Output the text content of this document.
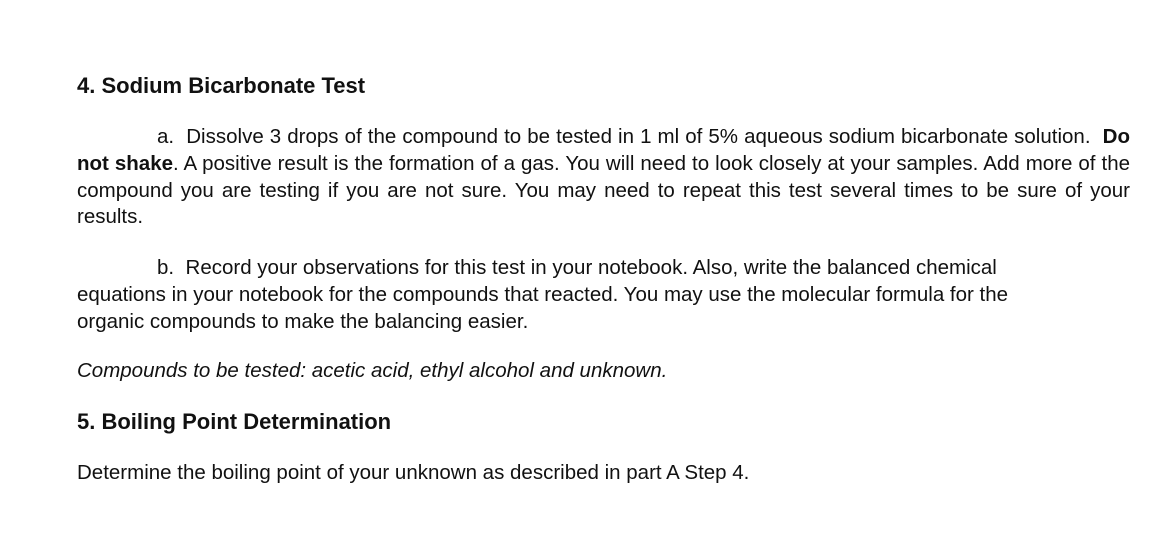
4. Sodium Bicarbonate Test

a. Dissolve 3 drops of the compound to be tested in 1 ml of 5% aqueous sodium bicarbonate solution. Do not shake. A positive result is the formation of a gas. You will need to look closely at your samples. Add more of the compound you are testing if you are not sure. You may need to repeat this test several times to be sure of your results.

b. Record your observations for this test in your notebook. Also, write the balanced chemical equations in your notebook for the compounds that reacted. You may use the molecular formula for the organic compounds to make the balancing easier.

Compounds to be tested: acetic acid, ethyl alcohol and unknown.

5. Boiling Point Determination

Determine the boiling point of your unknown as described in part A Step 4.
